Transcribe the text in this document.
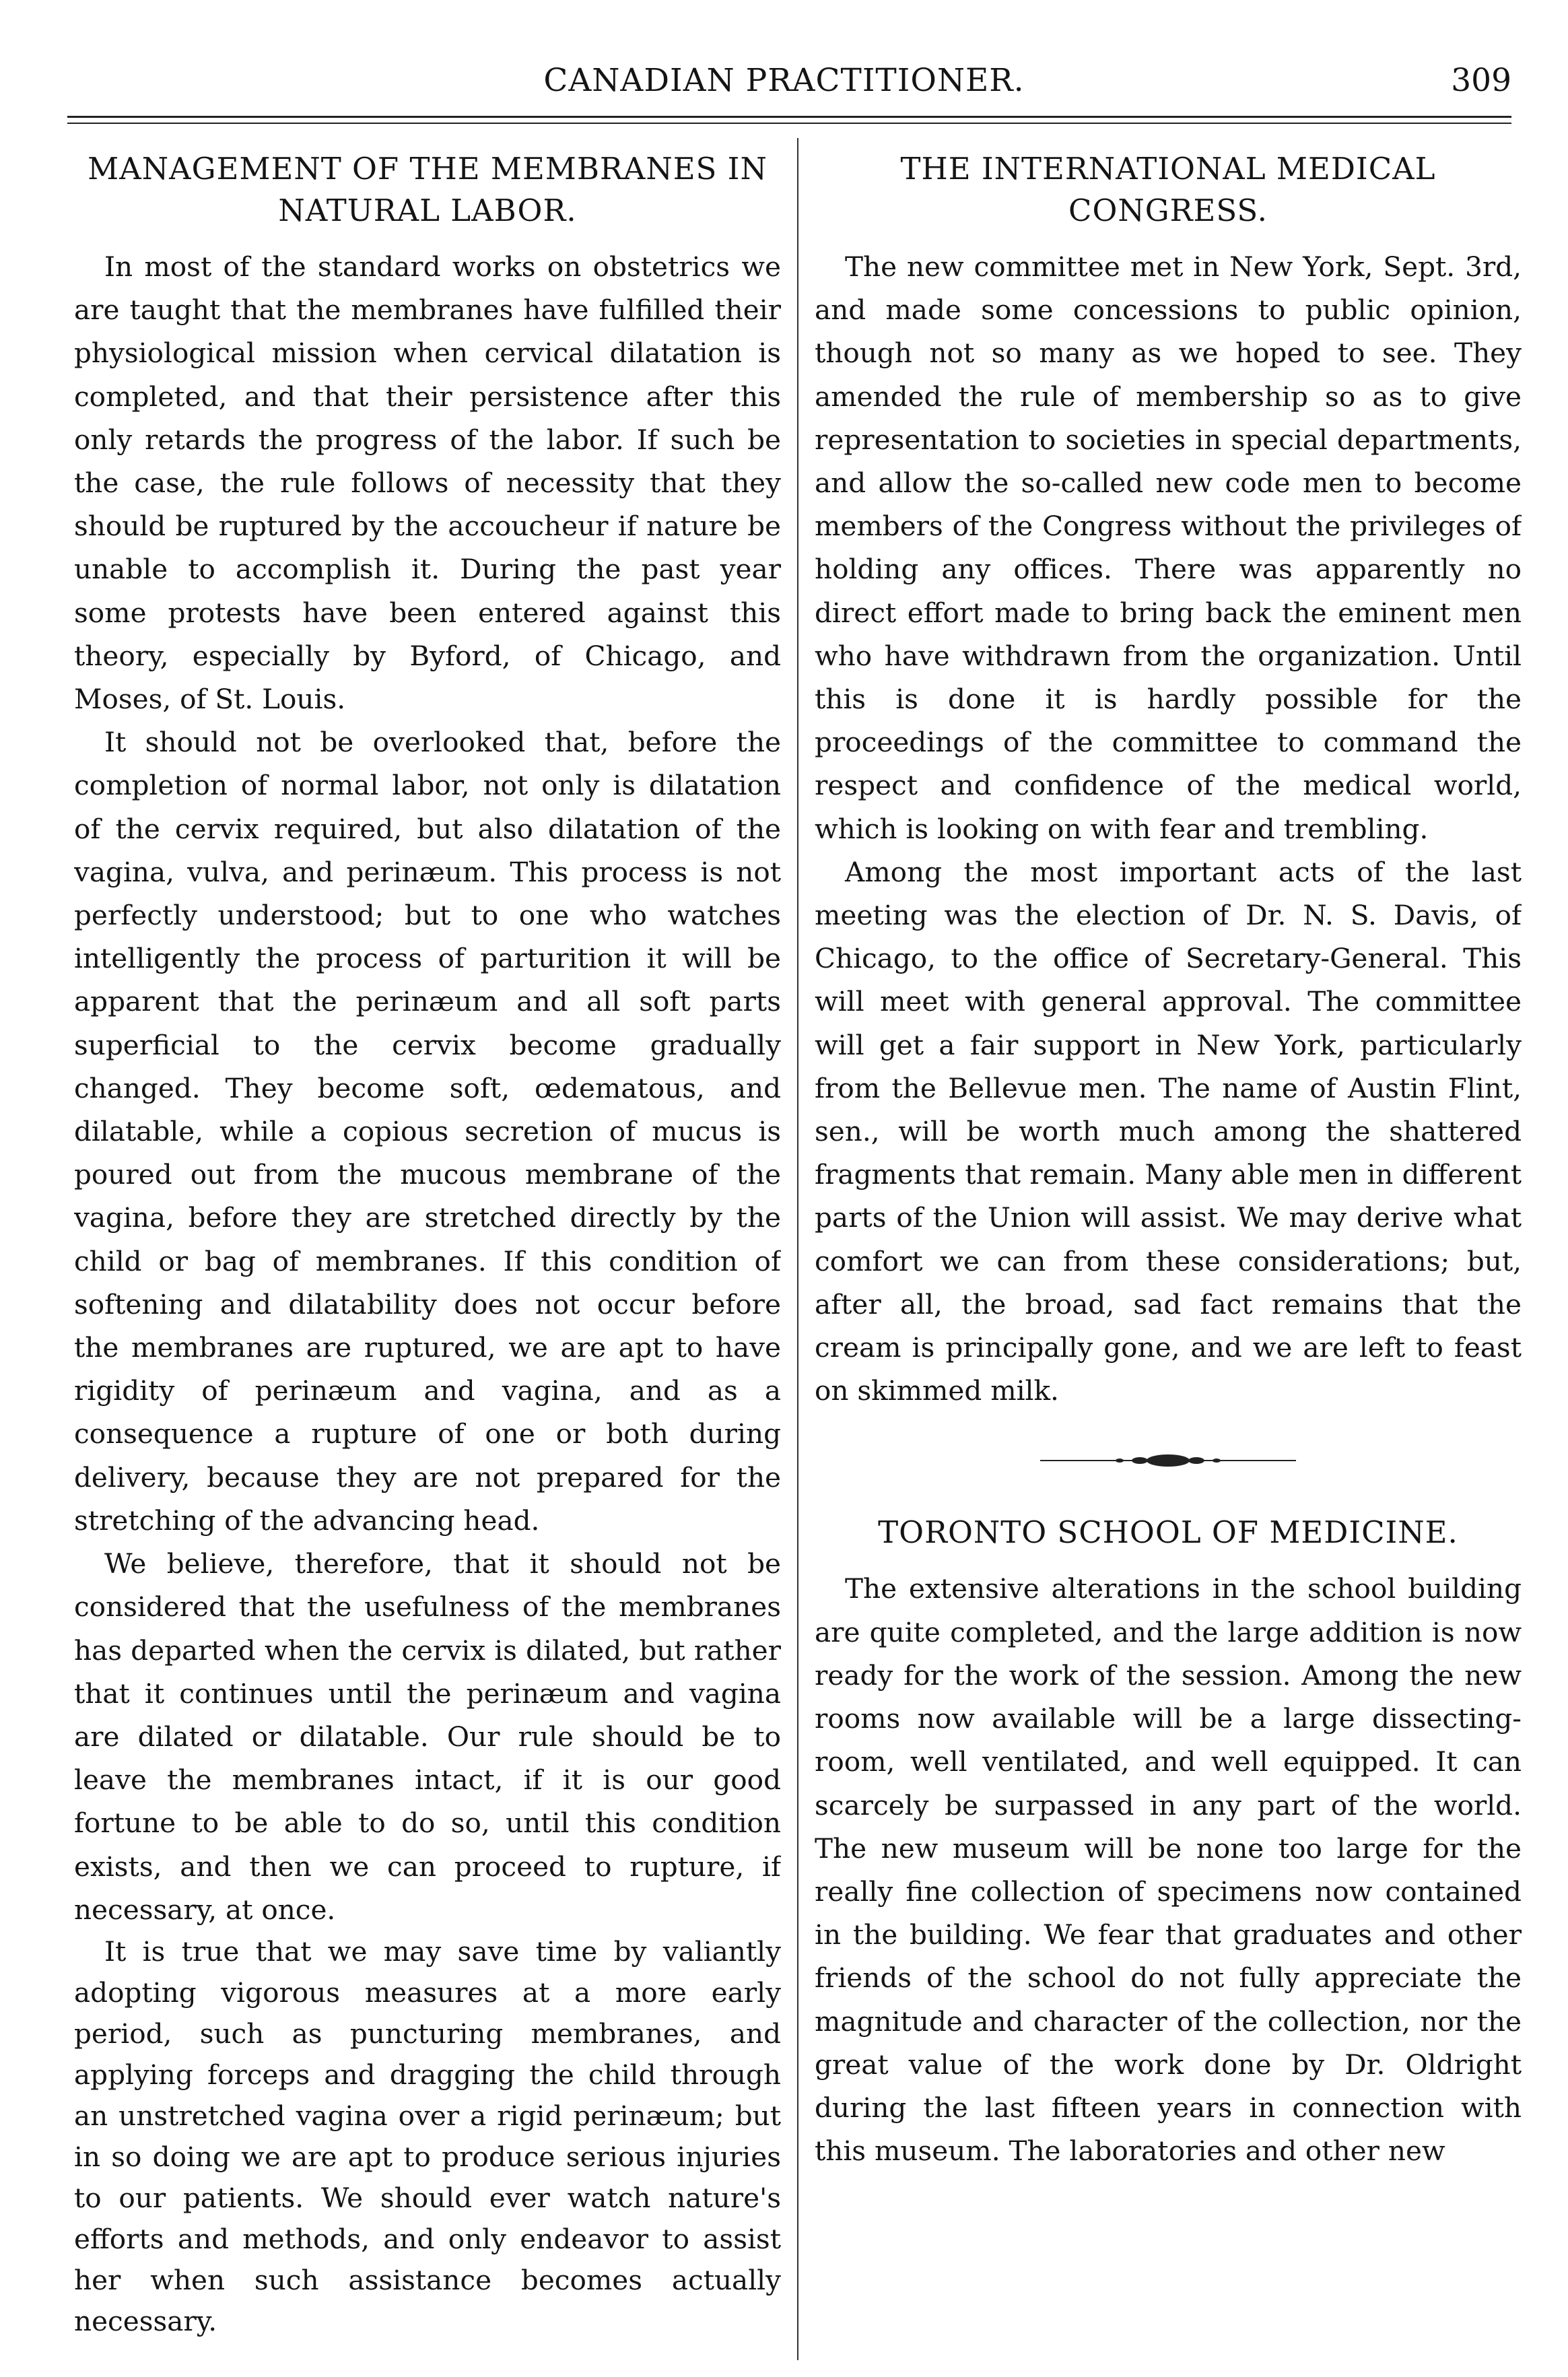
CANADIAN PRACTITIONER.	309
MANAGEMENT OF THE MEMBRANES IN NATURAL LABOR.

In most of the standard works on obstetrics we are taught that the membranes have fulfilled their physiological mission when cervical dilatation is completed, and that their persistence after this only retards the progress of the labor. If such be the case, the rule follows of necessity that they should be ruptured by the accoucheur if nature be unable to accomplish it. During the past year some protests have been entered against this theory, especially by Byford, of Chicago, and Moses, of St. Louis.

It should not be overlooked that, before the completion of normal labor, not only is dilatation of the cervix required, but also dilatation of the vagina, vulva, and perinæum. This process is not perfectly understood; but to one who watches intelligently the process of parturition it will be apparent that the perinæum and all soft parts superficial to the cervix become gradually changed. They become soft, œdematous, and dilatable, while a copious secretion of mucus is poured out from the mucous membrane of the vagina, before they are stretched directly by the child or bag of membranes. If this condition of softening and dilatability does not occur before the membranes are ruptured, we are apt to have rigidity of perinæum and vagina, and as a consequence a rupture of one or both during delivery, because they are not prepared for the stretching of the advancing head.

We believe, therefore, that it should not be considered that the usefulness of the membranes has departed when the cervix is dilated, but rather that it continues until the perinæum and vagina are dilated or dilatable. Our rule should be to leave the membranes intact, if it is our good fortune to be able to do so, until this condition exists, and then we can proceed to rupture, if necessary, at once.

It is true that we may save time by valiantly adopting vigorous measures at a more early period, such as puncturing membranes, and applying forceps and dragging the child through an unstretched vagina over a rigid perinæum; but in so doing we are apt to produce serious injuries to our patients. We should ever watch nature's efforts and methods, and only endeavor to assist her when such assistance becomes actually necessary.

THE INTERNATIONAL MEDICAL CONGRESS.

The new committee met in New York, Sept. 3rd, and made some concessions to public opinion, though not so many as we hoped to see. They amended the rule of membership so as to give representation to societies in special departments, and allow the so-called new code men to become members of the Congress without the privileges of holding any offices. There was apparently no direct effort made to bring back the eminent men who have withdrawn from the organization. Until this is done it is hardly possible for the proceedings of the committee to command the respect and confidence of the medical world, which is looking on with fear and trembling.

Among the most important acts of the last meeting was the election of Dr. N. S. Davis, of Chicago, to the office of Secretary-General. This will meet with general approval. The committee will get a fair support in New York, particularly from the Bellevue men. The name of Austin Flint, sen., will be worth much among the shattered fragments that remain. Many able men in different parts of the Union will assist. We may derive what comfort we can from these considerations; but, after all, the broad, sad fact remains that the cream is principally gone, and we are left to feast on skimmed milk.

TORONTO SCHOOL OF MEDICINE.

The extensive alterations in the school building are quite completed, and the large addition is now ready for the work of the session. Among the new rooms now available will be a large dissecting-room, well ventilated, and well equipped. It can scarcely be surpassed in any part of the world. The new museum will be none too large for the really fine collection of specimens now contained in the building. We fear that graduates and other friends of the school do not fully appreciate the magnitude and character of the collection, nor the great value of the work done by Dr. Oldright during the last fifteen years in connection with this museum. The laboratories and other new
